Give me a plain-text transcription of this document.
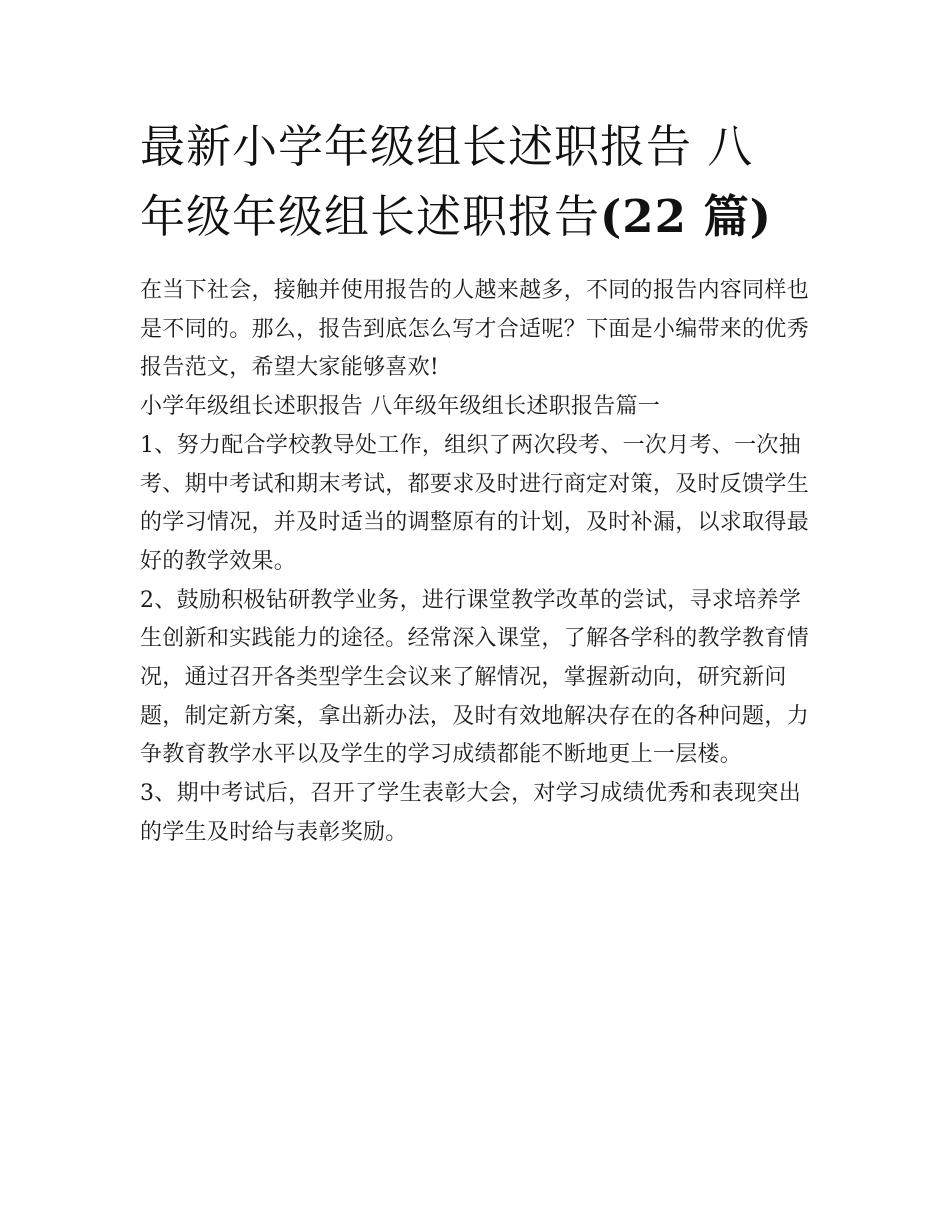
最新小学年级组长述职报告 八
年级年级组长述职报告(22 篇)

在当下社会，接触并使用报告的人越来越多，不同的报告内容同样也是不同的。那么，报告到底怎么写才合适呢？下面是小编带来的优秀报告范文，希望大家能够喜欢!

小学年级组长述职报告 八年级年级组长述职报告篇一

1、努力配合学校教导处工作，组织了两次段考、一次月考、一次抽考、期中考试和期末考试，都要求及时进行商定对策，及时反馈学生的学习情况，并及时适当的调整原有的计划，及时补漏，以求取得最好的教学效果。

2、鼓励积极钻研教学业务，进行课堂教学改革的尝试，寻求培养学生创新和实践能力的途径。经常深入课堂，了解各学科的教学教育情况，通过召开各类型学生会议来了解情况，掌握新动向，研究新问题，制定新方案，拿出新办法，及时有效地解决存在的各种问题，力争教育教学水平以及学生的学习成绩都能不断地更上一层楼。

3、期中考试后，召开了学生表彰大会，对学习成绩优秀和表现突出的学生及时给与表彰奖励。
